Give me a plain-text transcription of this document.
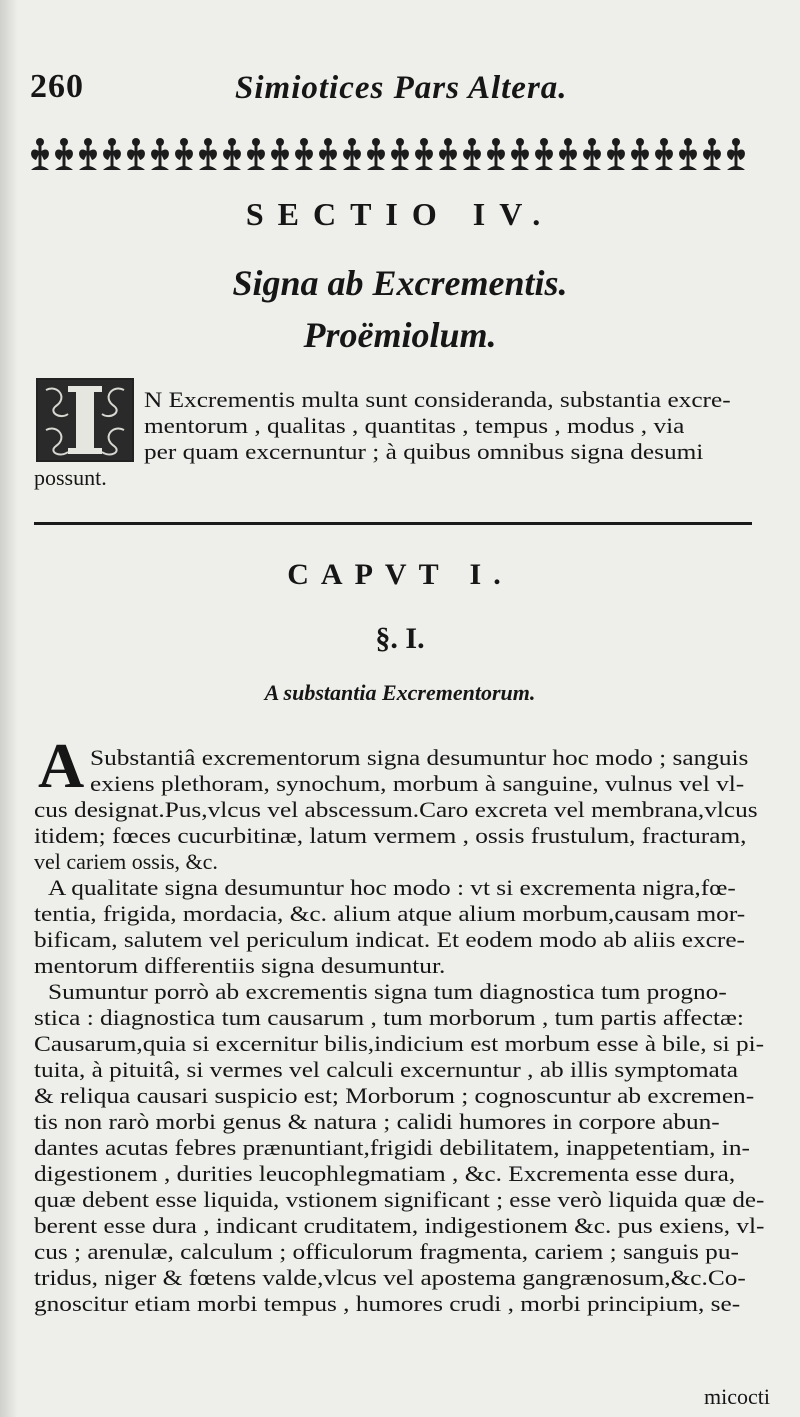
260	Simiotices Pars Altera.
SECTIO IV.
Signa ab Excrementis.
Proëmiolum.
N Excrementis multa sunt consideranda, substantia excre-
mentorum , qualitas , quantitas , tempus , modus , via
per quam excernuntur ; à quibus omnibus signa desumi
possunt.
CAPVT I.
§. I.
A substantia Excrementorum.
A Substantiâ excrementorum signa desumuntur hoc modo ; sanguis
exiens plethoram, synochum, morbum à sanguine, vulnus vel vl-
cus designat.Pus,vlcus vel abscessum.Caro excreta vel membrana,vlcus
itidem; fœces cucurbitinæ, latum vermem , ossis frustulum, fracturam,
vel cariem ossis, &c.
A qualitate signa desumuntur hoc modo : vt si excrementa nigra,fœ-
tentia, frigida, mordacia, &c. alium atque alium morbum,causam mor-
bificam, salutem vel periculum indicat. Et eodem modo ab aliis excre-
mentorum differentiis signa desumuntur.
Sumuntur porrò ab excrementis signa tum diagnostica tum progno-
stica : diagnostica tum causarum , tum morborum , tum partis affectæ:
Causarum,quia si excernitur bilis,indicium est morbum esse à bile, si pi-
tuita, à pituitâ, si vermes vel calculi excernuntur , ab illis symptomata
& reliqua causari suspicio est; Morborum ; cognoscuntur ab excremen-
tis non rarò morbi genus & natura ; calidi humores in corpore abun-
dantes acutas febres prænuntiant,frigidi debilitatem, inappetentiam, in-
digestionem , durities leucophlegmatiam , &c. Excrementa esse dura,
quæ debent esse liquida, vstionem significant ; esse verò liquida quæ de-
berent esse dura , indicant cruditatem, indigestionem &c. pus exiens, vl-
cus ; arenulæ, calculum ; officulorum fragmenta, cariem ; sanguis pu-
tridus, niger & fœtens valde,vlcus vel apostema gangrænosum,&c.Co-
gnoscitur etiam morbi tempus , humores crudi , morbi principium, se-
micocti
